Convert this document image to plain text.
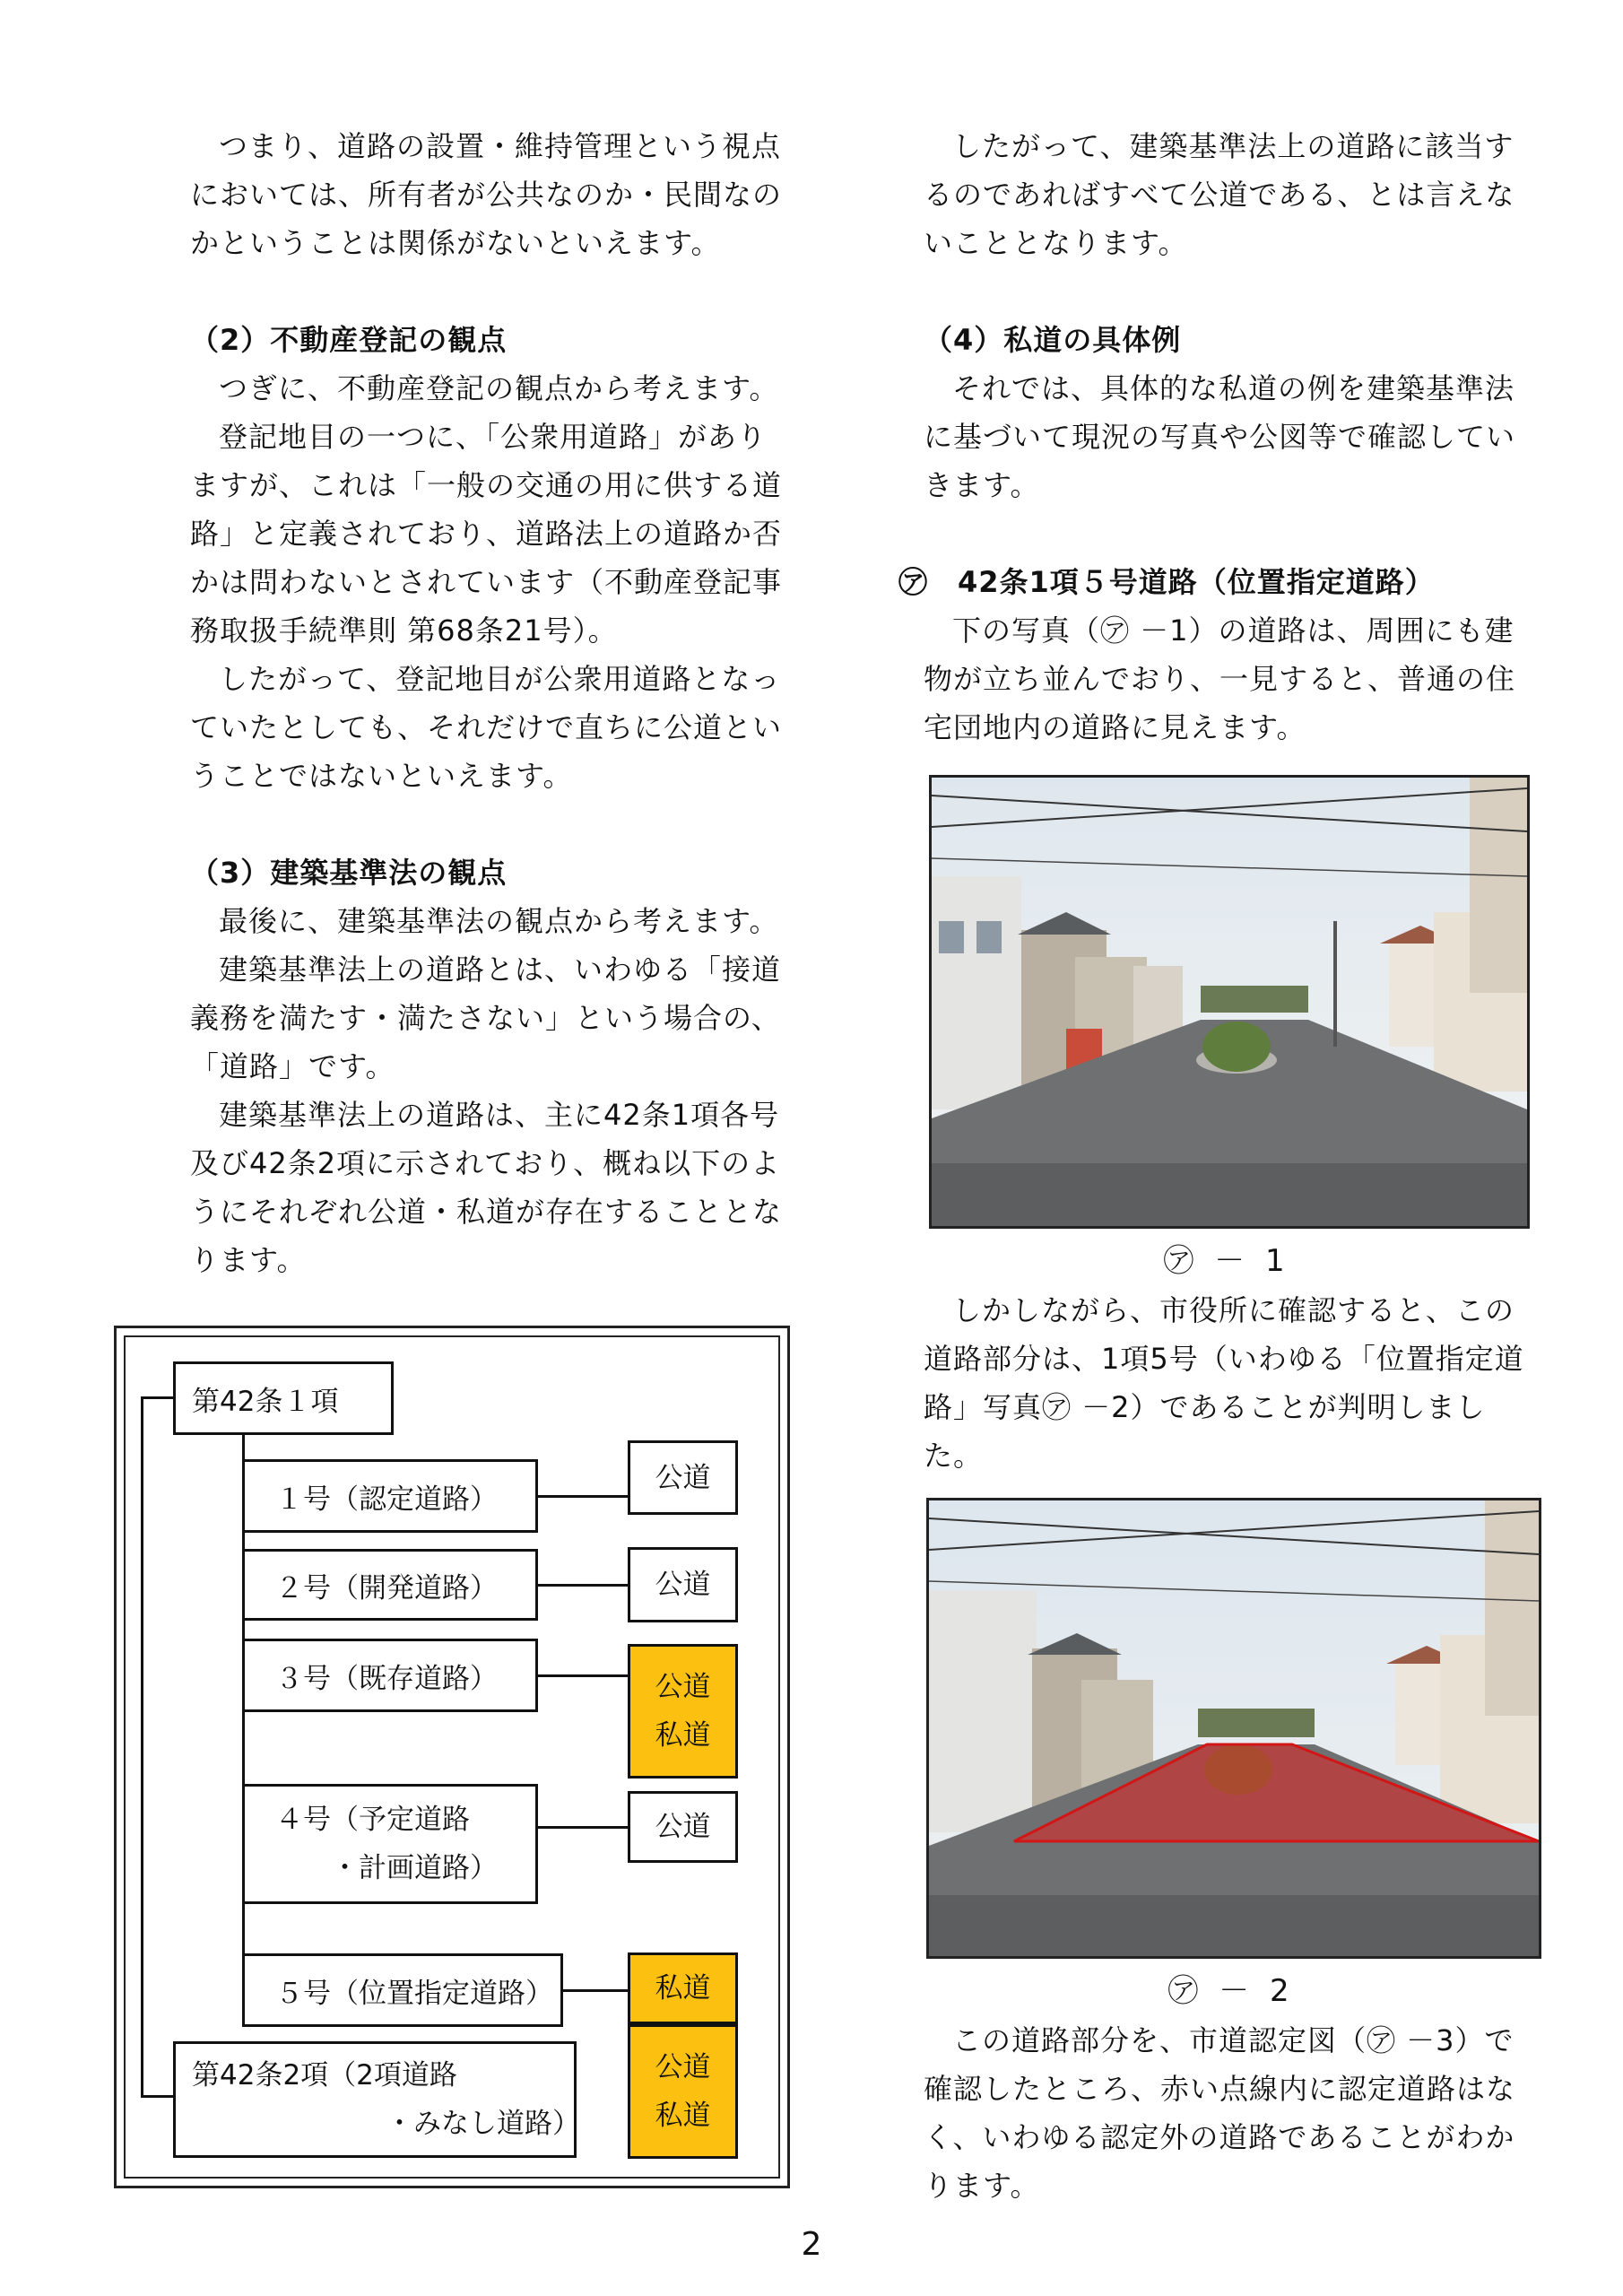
つまり、道路の設置・維持管理という視点においては、所有者が公共なのか・民間なのかということは関係がないといえます。

（2）不動産登記の観点

つぎに、不動産登記の観点から考えます。

登記地目の一つに、「公衆用道路」がありますが、これは「一般の交通の用に供する道路」と定義されており、道路法上の道路か否かは問わないとされています（不動産登記事務取扱手続準則 第68条21号）。

したがって、登記地目が公衆用道路となっていたとしても、それだけで直ちに公道ということではないといえます。

（3）建築基準法の観点

最後に、建築基準法の観点から考えます。

建築基準法上の道路とは、いわゆる「接道義務を満たす・満たさない」という場合の、「道路」です。

建築基準法上の道路は、主に42条1項各号及び42条2項に示されており、概ね以下のようにそれぞれ公道・私道が存在することとなります。

第42条１項
１号（認定道路）
２号（開発道路）
３号（既存道路）
４号（予定道路
・計画道路）
５号（位置指定道路）
第42条2項（2項道路
・みなし道路）
公道
公道
公道
私道
公道
私道
公道
私道

したがって、建築基準法上の道路に該当するのであればすべて公道である、とは言えないこととなります。

（4）私道の具体例

それでは、具体的な私道の例を建築基準法に基づいて現況の写真や公図等で確認していきます。

㋐　42条1項５号道路（位置指定道路）

下の写真（㋐ －1）の道路は、周囲にも建物が立ち並んでおり、一見すると、普通の住宅団地内の道路に見えます。

㋐ － 1

しかしながら、市役所に確認すると、この道路部分は、1項5号（いわゆる「位置指定道路」写真㋐ －2）であることが判明しました。

㋐ － 2

この道路部分を、市道認定図（㋐ －3）で確認したところ、赤い点線内に認定道路はなく、いわゆる認定外の道路であることがわかります。

2
